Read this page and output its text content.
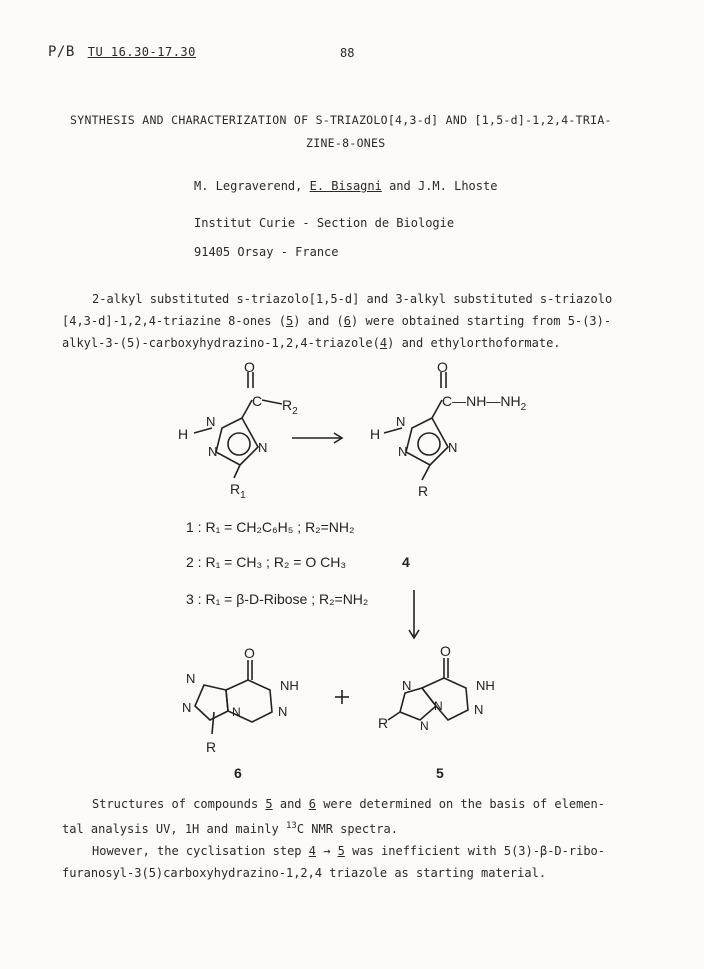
P/B TU 16.30-17.30	88
SYNTHESIS AND CHARACTERIZATION OF S-TRIAZOLO[4,3-d] AND [1,5-d]-1,2,4-TRIA-
ZINE-8-ONES
M. Legraverend, E. Bisagni and J.M. Lhoste
Institut Curie - Section de Biologie
91405 Orsay - France
2-alkyl substituted s-triazolo[1,5-d] and 3-alkyl substituted s-triazolo
[4,3-d]-1,2,4-triazine 8-ones (5) and (6) were obtained starting from 5-(3)-
alkyl-3-(5)-carboxyhydrazino-1,2,4-triazole(4) and ethylorthoformate.
O
C $R_2$
N
N
N
H
$R_1$
O
$C—NH—NH_2$
N
N
N
H
R
1 : R₁ = CH₂C₆H₅ ; R₂=NH₂
2 : R₁ = CH₃ ; R₂ = O CH₃
3 : R₁ = β-D-Ribose ; R₂=NH₂
4
O
N	NH
N	N	N
R
6
+
O
N	NH
N
N N
R
5
Structures of compounds 5 and 6 were determined on the basis of elemen-
tal analysis UV, 1H and mainly $^{13}$C NMR spectra.
However, the cyclisation step 4 → 5 was inefficient with 5(3)-β-D-ribo-
furanosyl-3(5)carboxyhydrazino-1,2,4 triazole as starting material.
